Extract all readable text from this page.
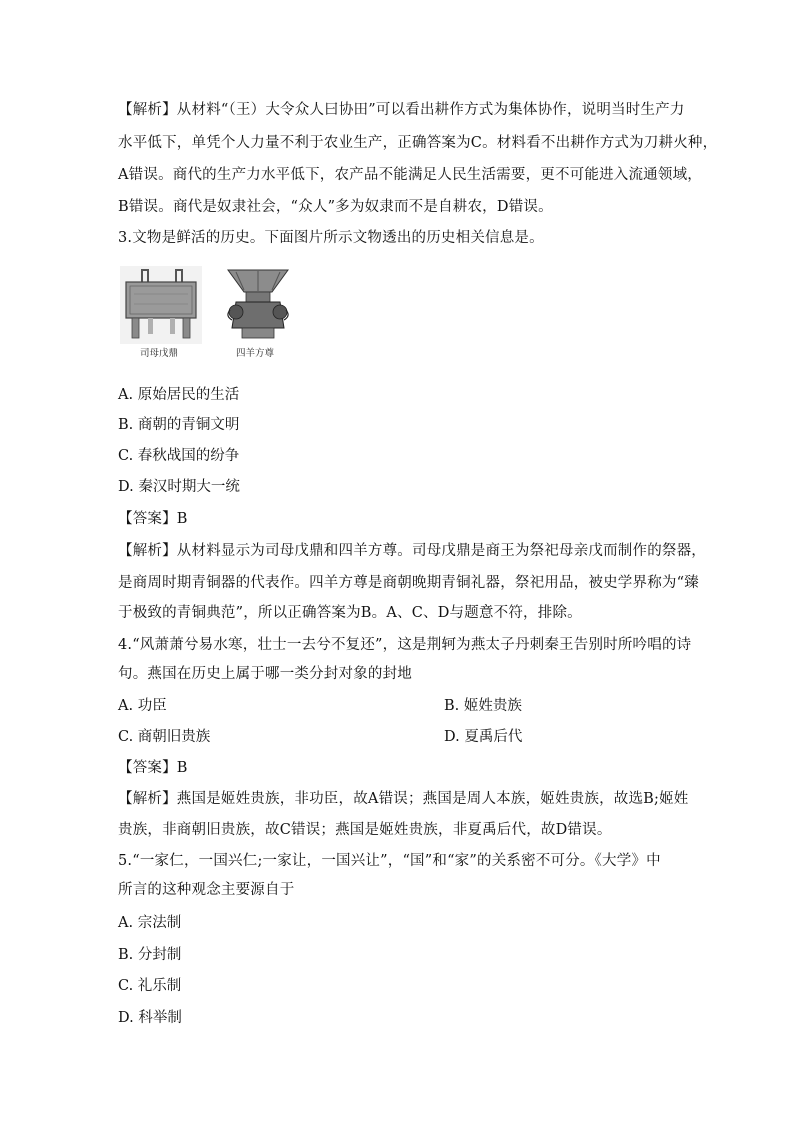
【解析】从材料“（王）大令众人曰协田”可以看出耕作方式为集体协作，说明当时生产力
水平低下，单凭个人力量不利于农业生产，正确答案为C。材料看不出耕作方式为刀耕火种，
A错误。商代的生产力水平低下，农产品不能满足人民生活需要，更不可能进入流通领域，
B错误。商代是奴隶社会，“众人”多为奴隶而不是自耕农，D错误。
3.文物是鲜活的历史。下面图片所示文物透出的历史相关信息是。
司母戊鼎	四羊方尊
A. 原始居民的生活
B. 商朝的青铜文明
C. 春秋战国的纷争
D. 秦汉时期大一统
【答案】B
【解析】从材料显示为司母戊鼎和四羊方尊。司母戊鼎是商王为祭祀母亲戊而制作的祭器，
是商周时期青铜器的代表作。四羊方尊是商朝晚期青铜礼器，祭祀用品，被史学界称为“臻
于极致的青铜典范”，所以正确答案为B。A、C、D与题意不符，排除。
4.“风萧萧兮易水寒，壮士一去兮不复还”，这是荆轲为燕太子丹刺秦王告别时所吟唱的诗
句。燕国在历史上属于哪一类分封对象的封地
A. 功臣	B. 姬姓贵族
C. 商朝旧贵族	D. 夏禹后代
【答案】B
【解析】燕国是姬姓贵族，非功臣，故A错误；燕国是周人本族，姬姓贵族，故选B;姬姓
贵族，非商朝旧贵族，故C错误；燕国是姬姓贵族，非夏禹后代，故D错误。
5.“一家仁，一国兴仁;一家让，一国兴让”，“国”和“家”的关系密不可分。《大学》中
所言的这种观念主要源自于
A. 宗法制
B. 分封制
C. 礼乐制
D. 科举制
